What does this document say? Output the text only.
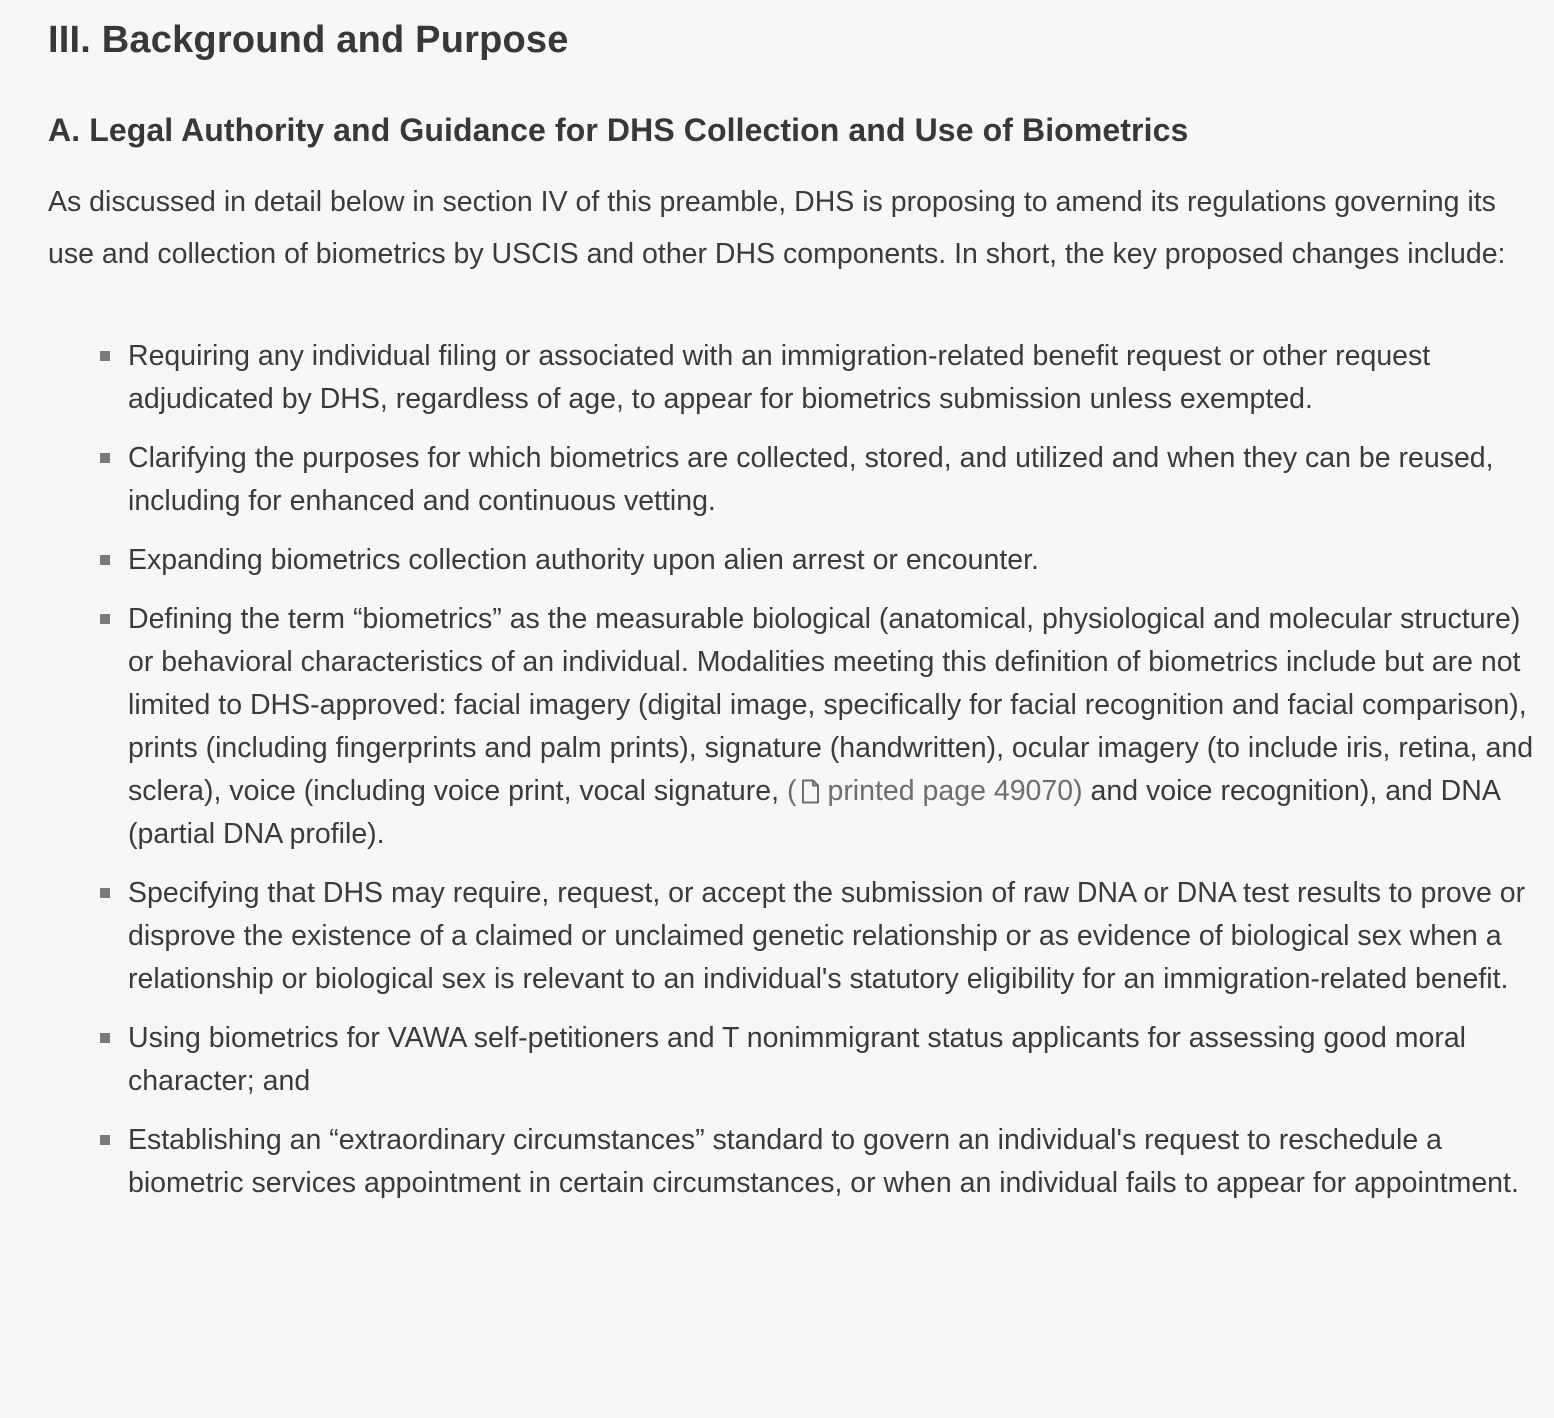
III. Background and Purpose
A. Legal Authority and Guidance for DHS Collection and Use of Biometrics

As discussed in detail below in section IV of this preamble, DHS is proposing to amend its regulations governing its use and collection of biometrics by USCIS and other DHS components. In short, the key proposed changes include:

Requiring any individual filing or associated with an immigration-related benefit request or other request adjudicated by DHS, regardless of age, to appear for biometrics submission unless exempted.
Clarifying the purposes for which biometrics are collected, stored, and utilized and when they can be reused, including for enhanced and continuous vetting.
Expanding biometrics collection authority upon alien arrest or encounter.
Defining the term “biometrics” as the measurable biological (anatomical, physiological and molecular structure) or behavioral characteristics of an individual. Modalities meeting this definition of biometrics include but are not limited to DHS-approved: facial imagery (digital image, specifically for facial recognition and facial comparison), prints (including fingerprints and palm prints), signature (handwritten), ocular imagery (to include iris, retina, and sclera), voice (including voice print, vocal signature, ( printed page 49070) and voice recognition), and DNA (partial DNA profile).
Specifying that DHS may require, request, or accept the submission of raw DNA or DNA test results to prove or disprove the existence of a claimed or unclaimed genetic relationship or as evidence of biological sex when a relationship or biological sex is relevant to an individual's statutory eligibility for an immigration-related benefit.
Using biometrics for VAWA self-petitioners and T nonimmigrant status applicants for assessing good moral character; and
Establishing an “extraordinary circumstances” standard to govern an individual's request to reschedule a biometric services appointment in certain circumstances, or when an individual fails to appear for appointment.
